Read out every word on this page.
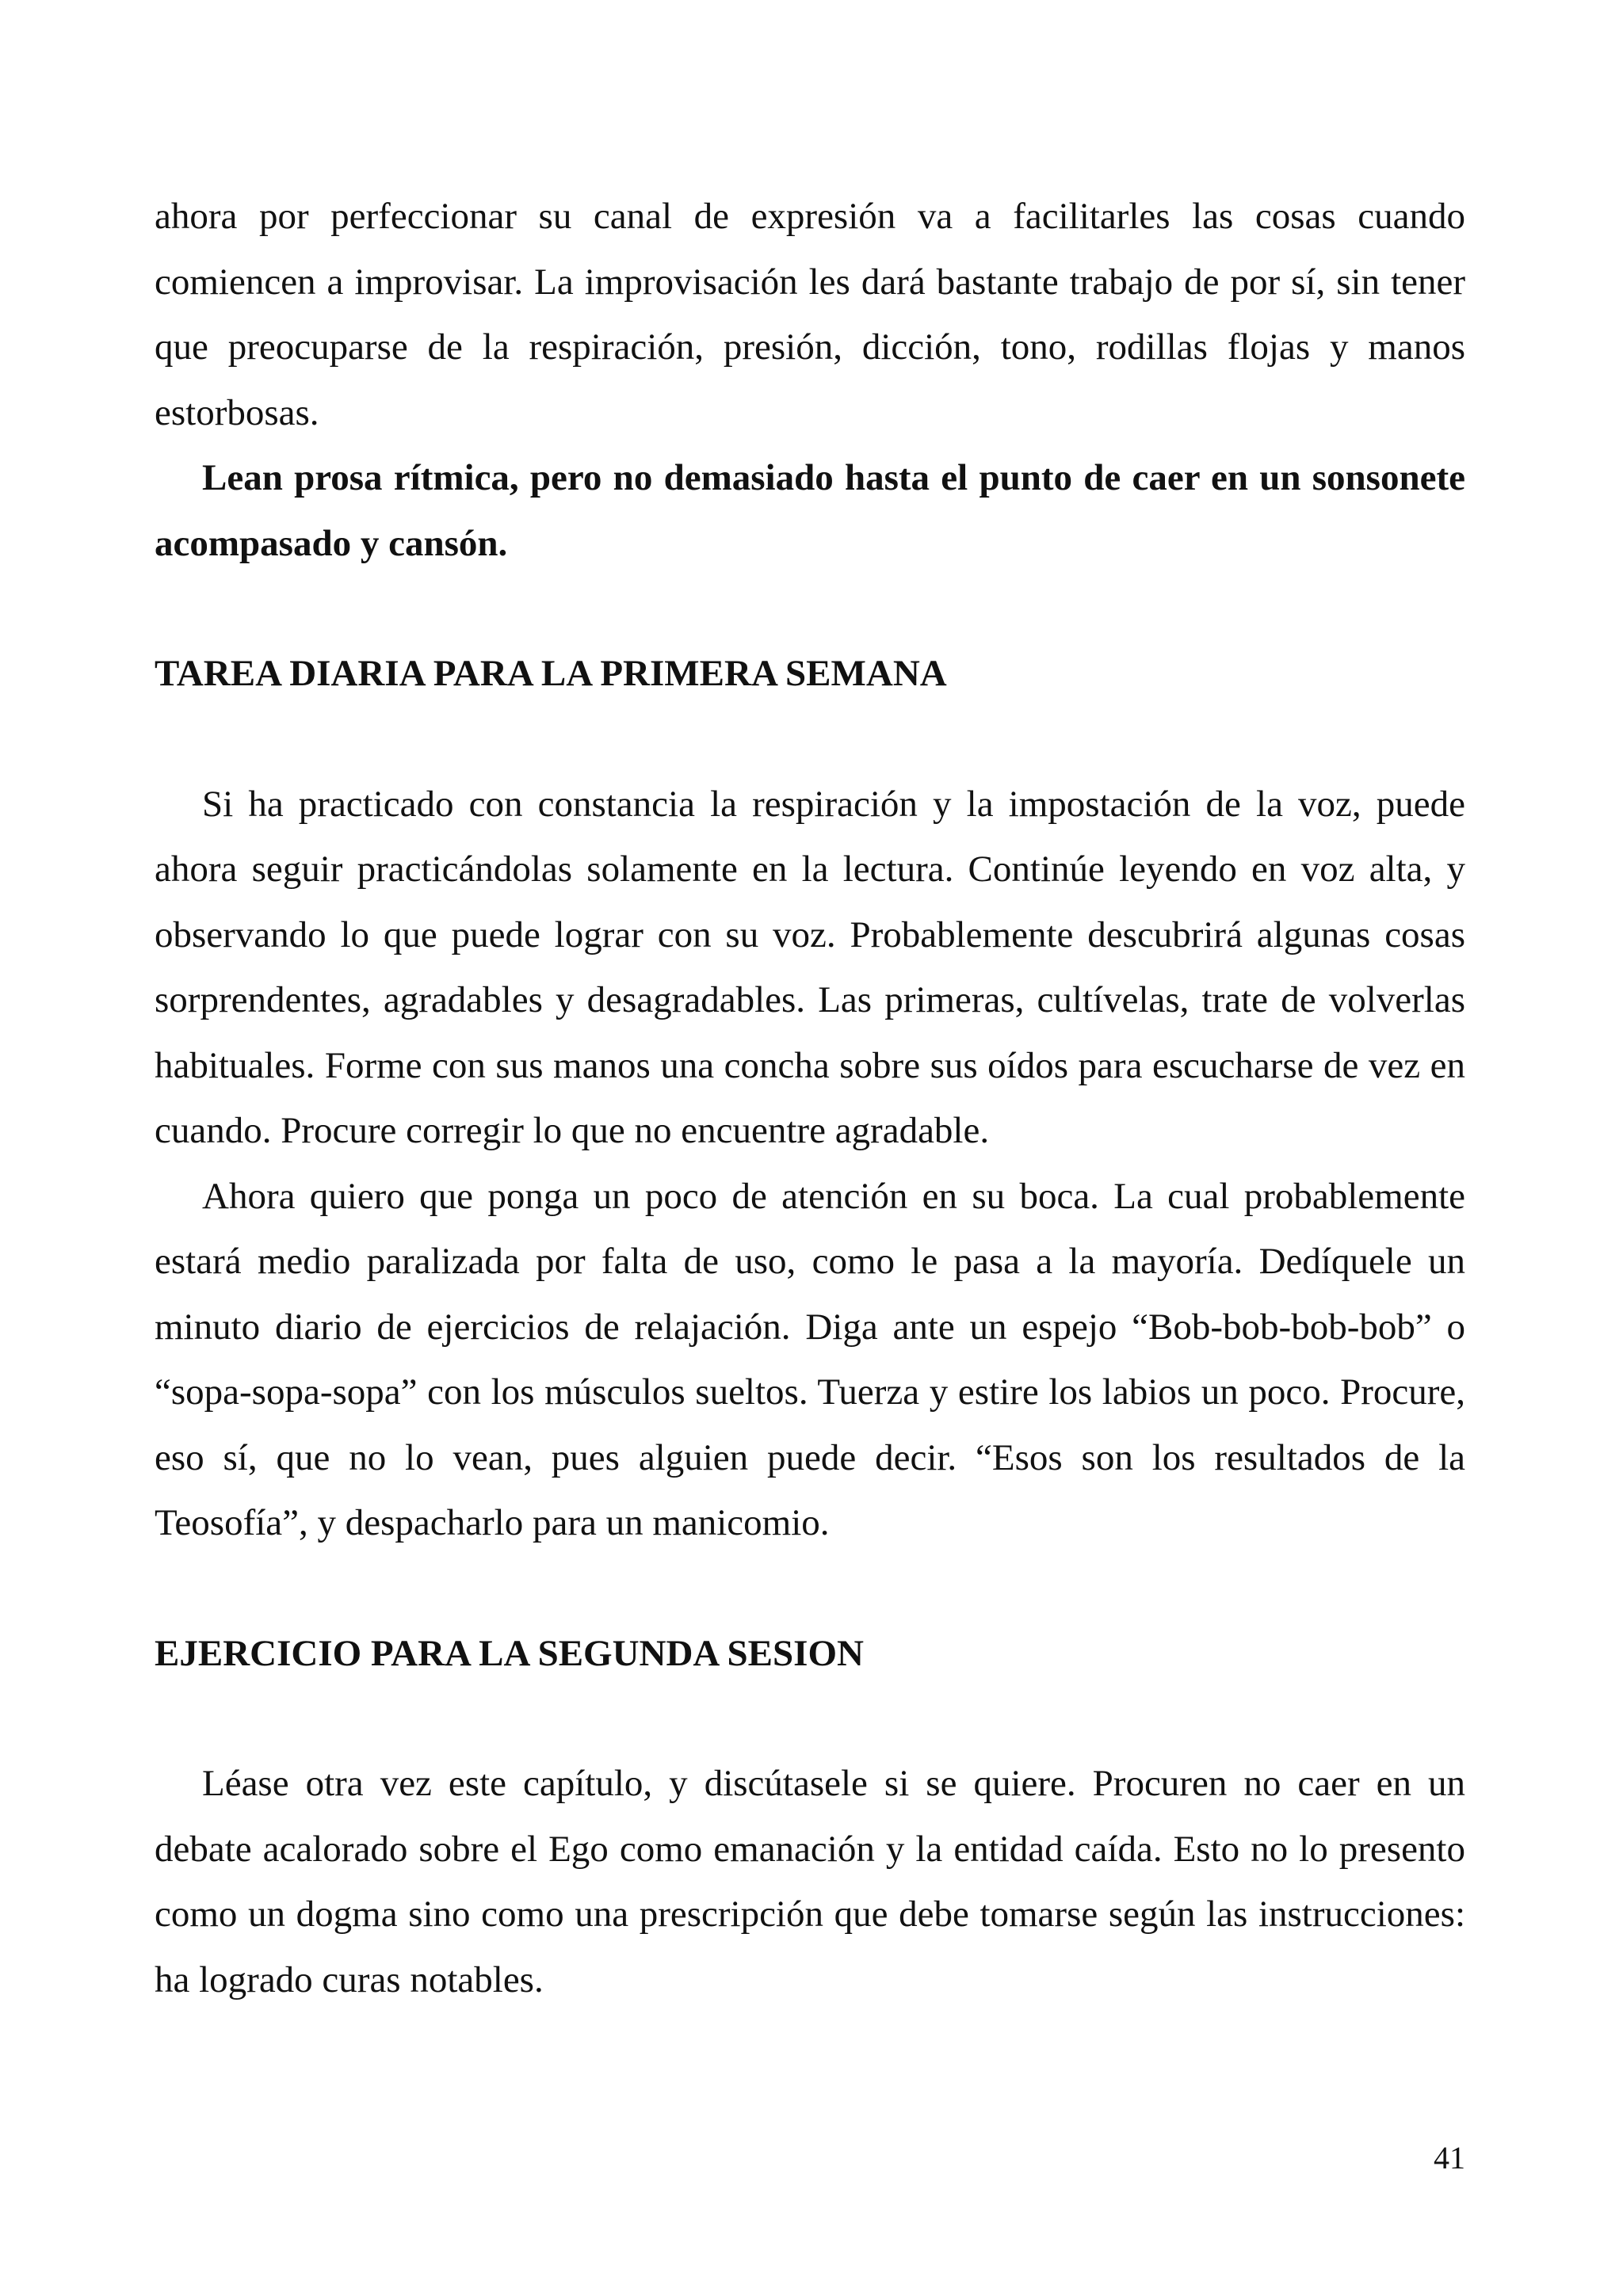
ahora por perfeccionar su canal de expresión va a facilitarles las cosas cuando comiencen a improvisar. La improvisación les dará bastante trabajo de por sí, sin tener que preocuparse de la respiración, presión, dicción, tono, rodillas flojas y manos estorbosas.

Lean prosa rítmica, pero no demasiado hasta el punto de caer en un sonsonete acompasado y cansón.

TAREA DIARIA PARA LA PRIMERA SEMANA

Si ha practicado con constancia la respiración y la impostación de la voz, puede ahora seguir practicándolas solamente en la lectura. Continúe leyendo en voz alta, y observando lo que puede lograr con su voz. Probablemente descubrirá algunas cosas sorprendentes, agradables y desagradables. Las primeras, cultívelas, trate de volverlas habituales. Forme con sus manos una concha sobre sus oídos para escucharse de vez en cuando. Procure corregir lo que no encuentre agradable.

Ahora quiero que ponga un poco de atención en su boca. La cual probablemente estará medio paralizada por falta de uso, como le pasa a la mayoría. Dedíquele un minuto diario de ejercicios de relajación. Diga ante un espejo “Bob-bob-bob-bob” o “sopa-sopa-sopa” con los músculos sueltos. Tuerza y estire los labios un poco. Procure, eso sí, que no lo vean, pues alguien puede decir. “Esos son los resultados de la Teosofía”, y despacharlo para un manicomio.

EJERCICIO PARA LA SEGUNDA SESION

Léase otra vez este capítulo, y discútasele si se quiere. Procuren no caer en un debate acalorado sobre el Ego como emanación y la entidad caída. Esto no lo presento como un dogma sino como una prescripción que debe tomarse según las instrucciones: ha logrado curas notables.

41
